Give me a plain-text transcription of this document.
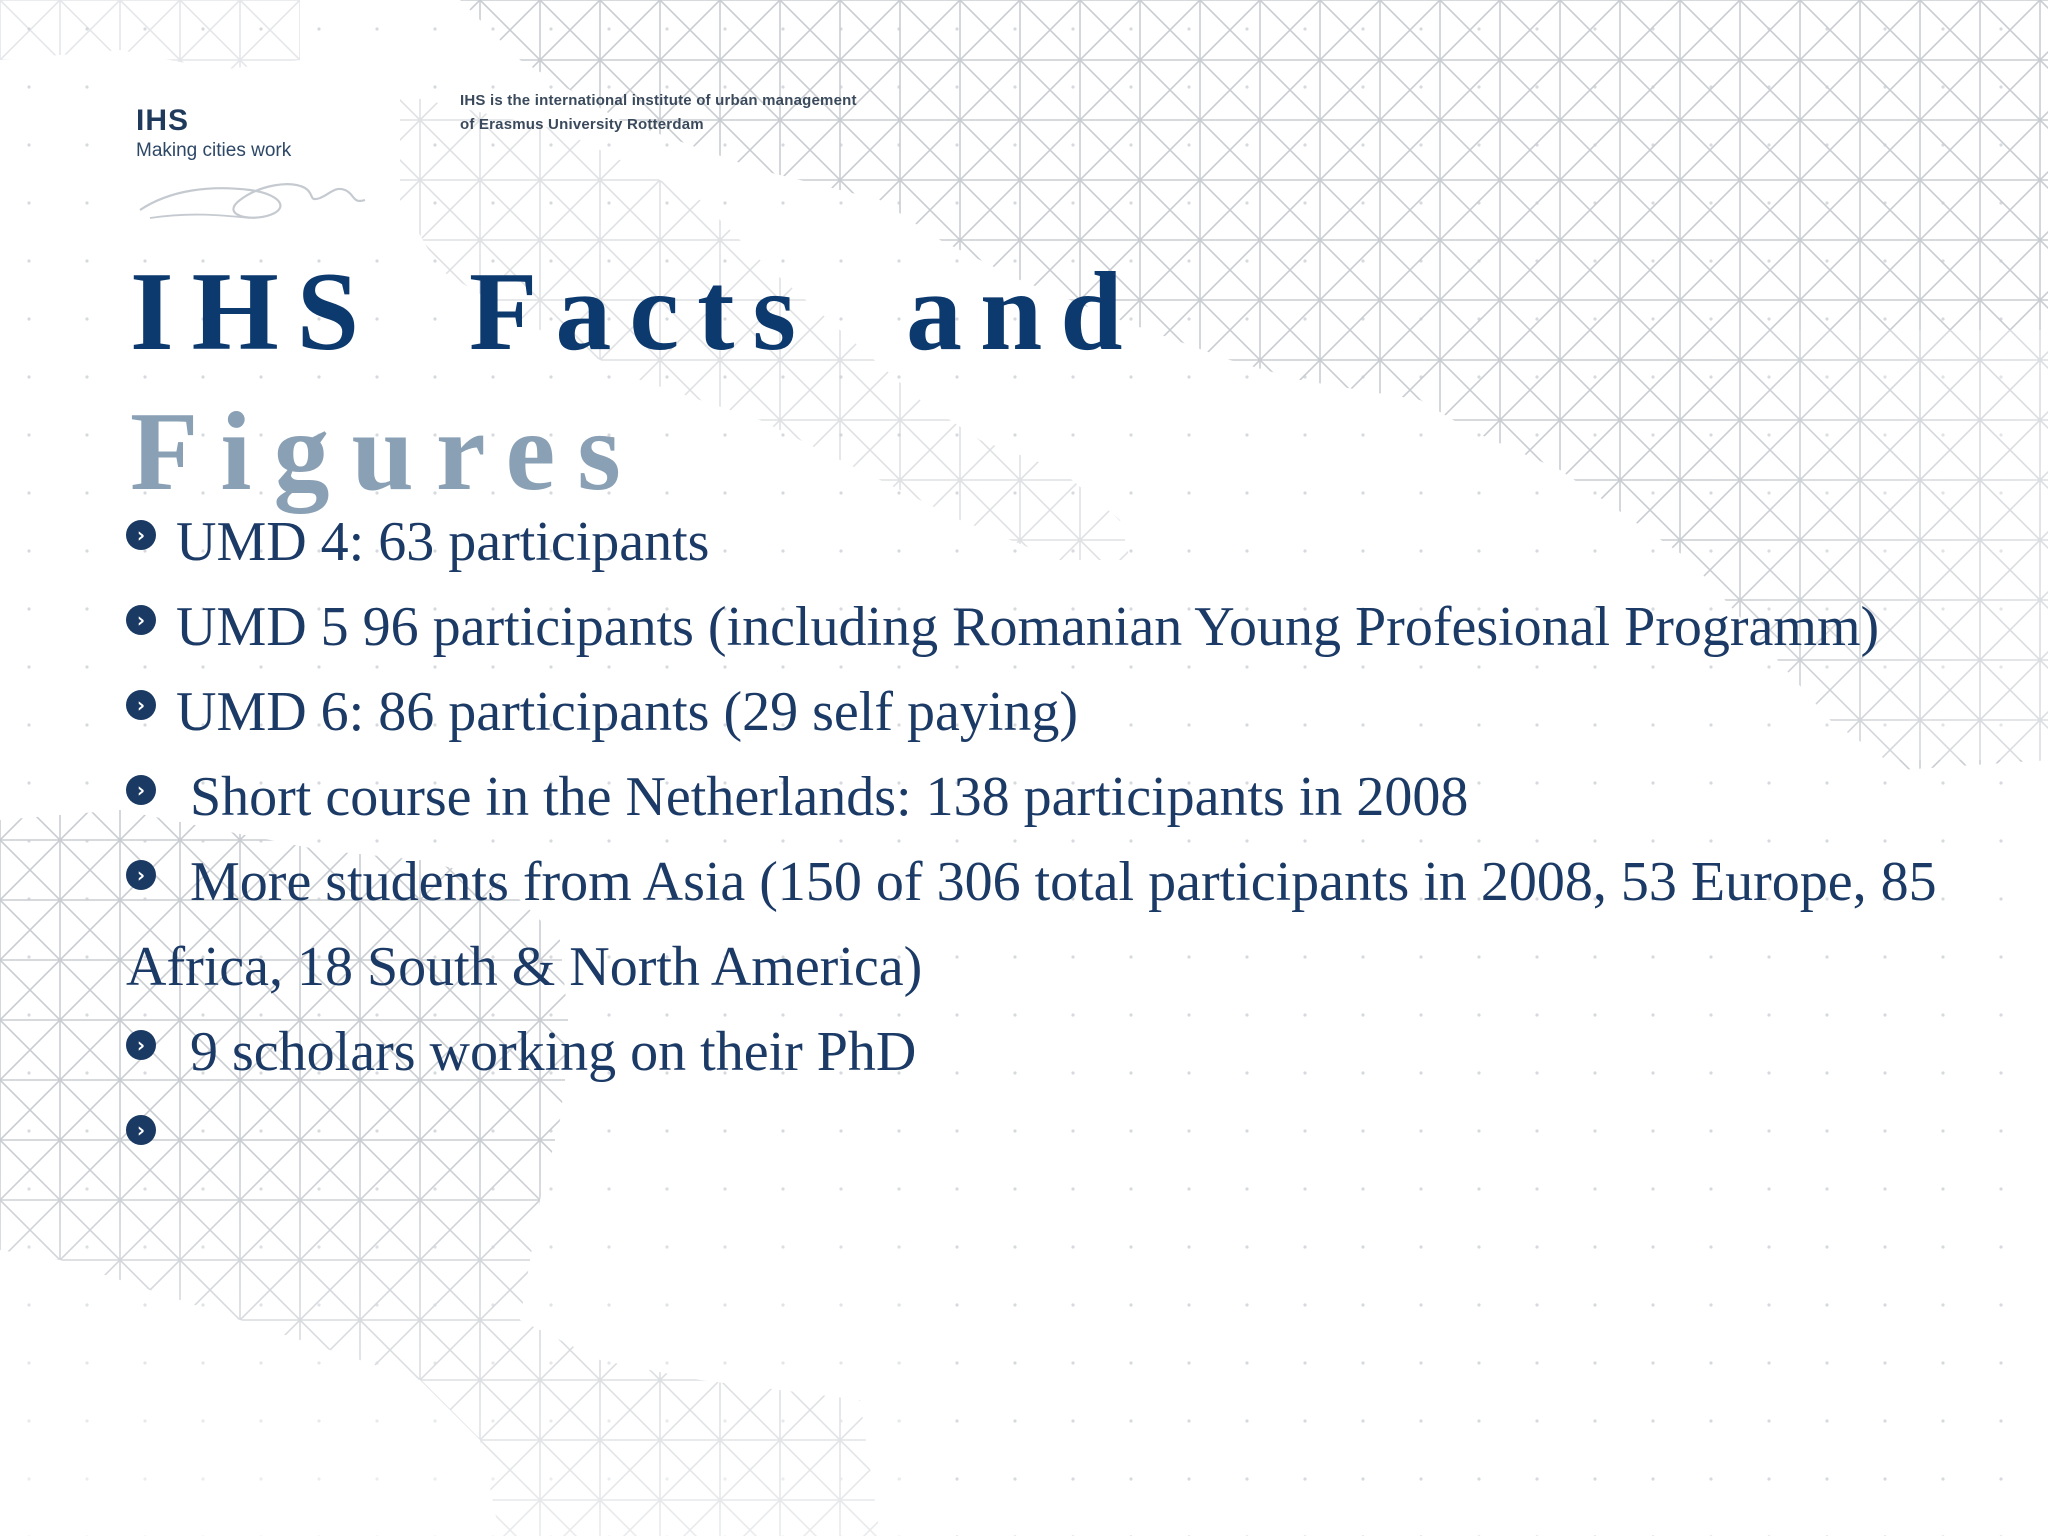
IHS
Making cities work
IHS is the international institute of urban management
of Erasmus University Rotterdam
IHS  Facts  and
Figures
› UMD 4: 63 participants
› UMD 5 96 participants (including Romanian Young Profesional Programm)
› UMD 6: 86 participants (29 self paying)
› Short course in the Netherlands: 138 participants in 2008
› More students from Asia (150 of 306 total participants in 2008, 53 Europe, 85 Africa, 18 South & North America)
› 9 scholars working on their PhD
›
